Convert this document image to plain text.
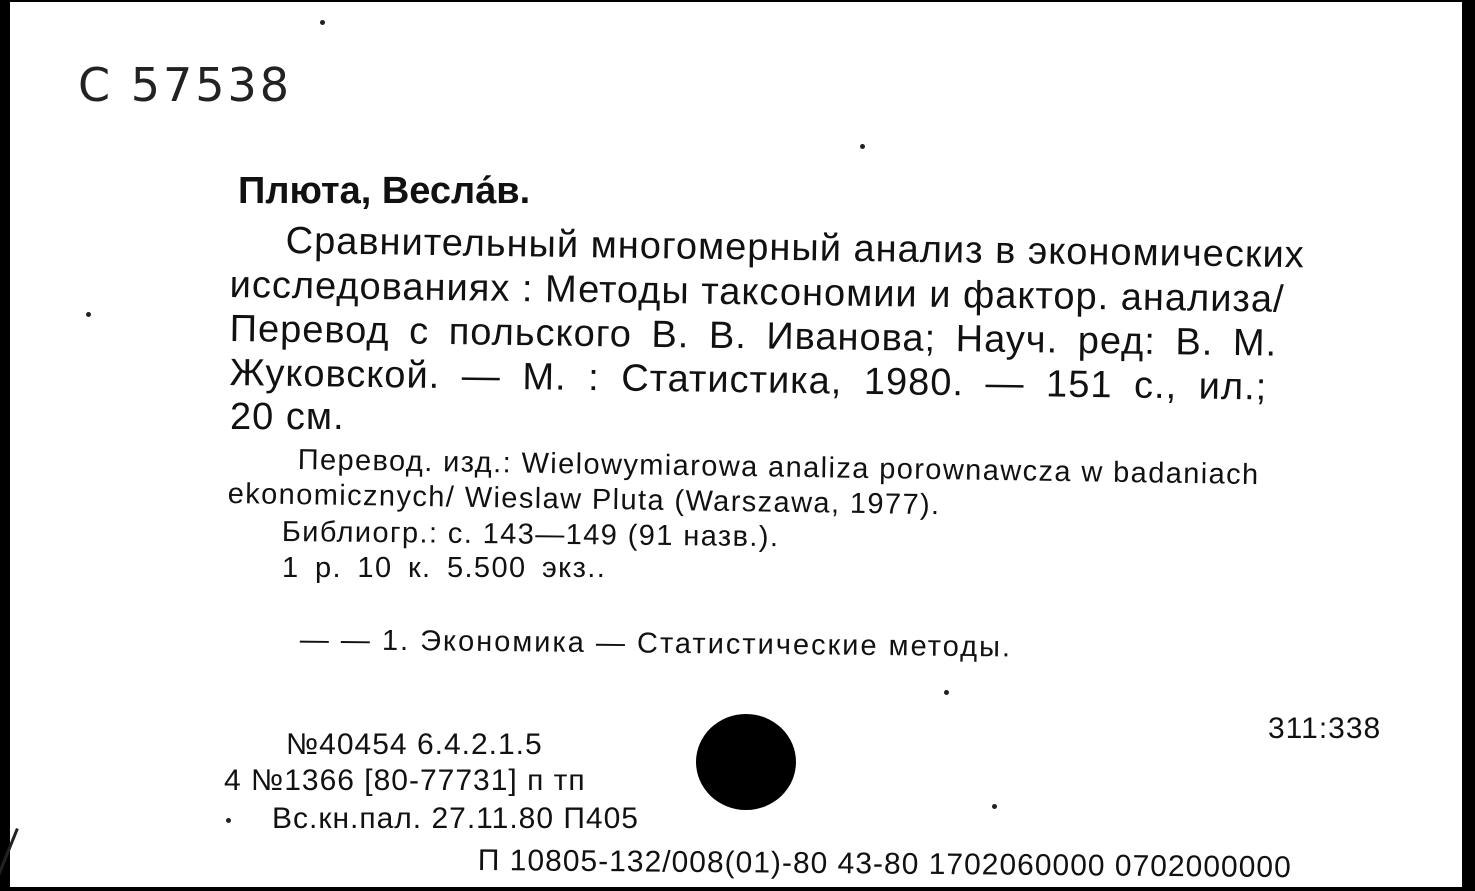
С 57538
Плюта, Весла́в.
Сравнительный многомерный анализ в экономических
исследованиях : Методы таксономии и фактор. анализа/
Перевод с польского В. В. Иванова; Науч. ред: В. М.
Жуковской. — М. : Статистика, 1980. — 151 с., ил.;
20 см.
Перевод. изд.: Wielowymiarowa analiza porownawcza w badaniach
ekonomicznych/ Wieslaw Pluta (Warszawa, 1977).
Библиогр.: с. 143—149 (91 назв.).
1 р. 10 к. 5.500 экз..
— — 1. Экономика — Статистические методы.
311:338
№40454 6.4.2.1.5
4 №1366 [80-77731] п тп
Вс.кн.пал. 27.11.80 П405
П 10805-132/008(01)-80 43-80 1702060000 0702000000
